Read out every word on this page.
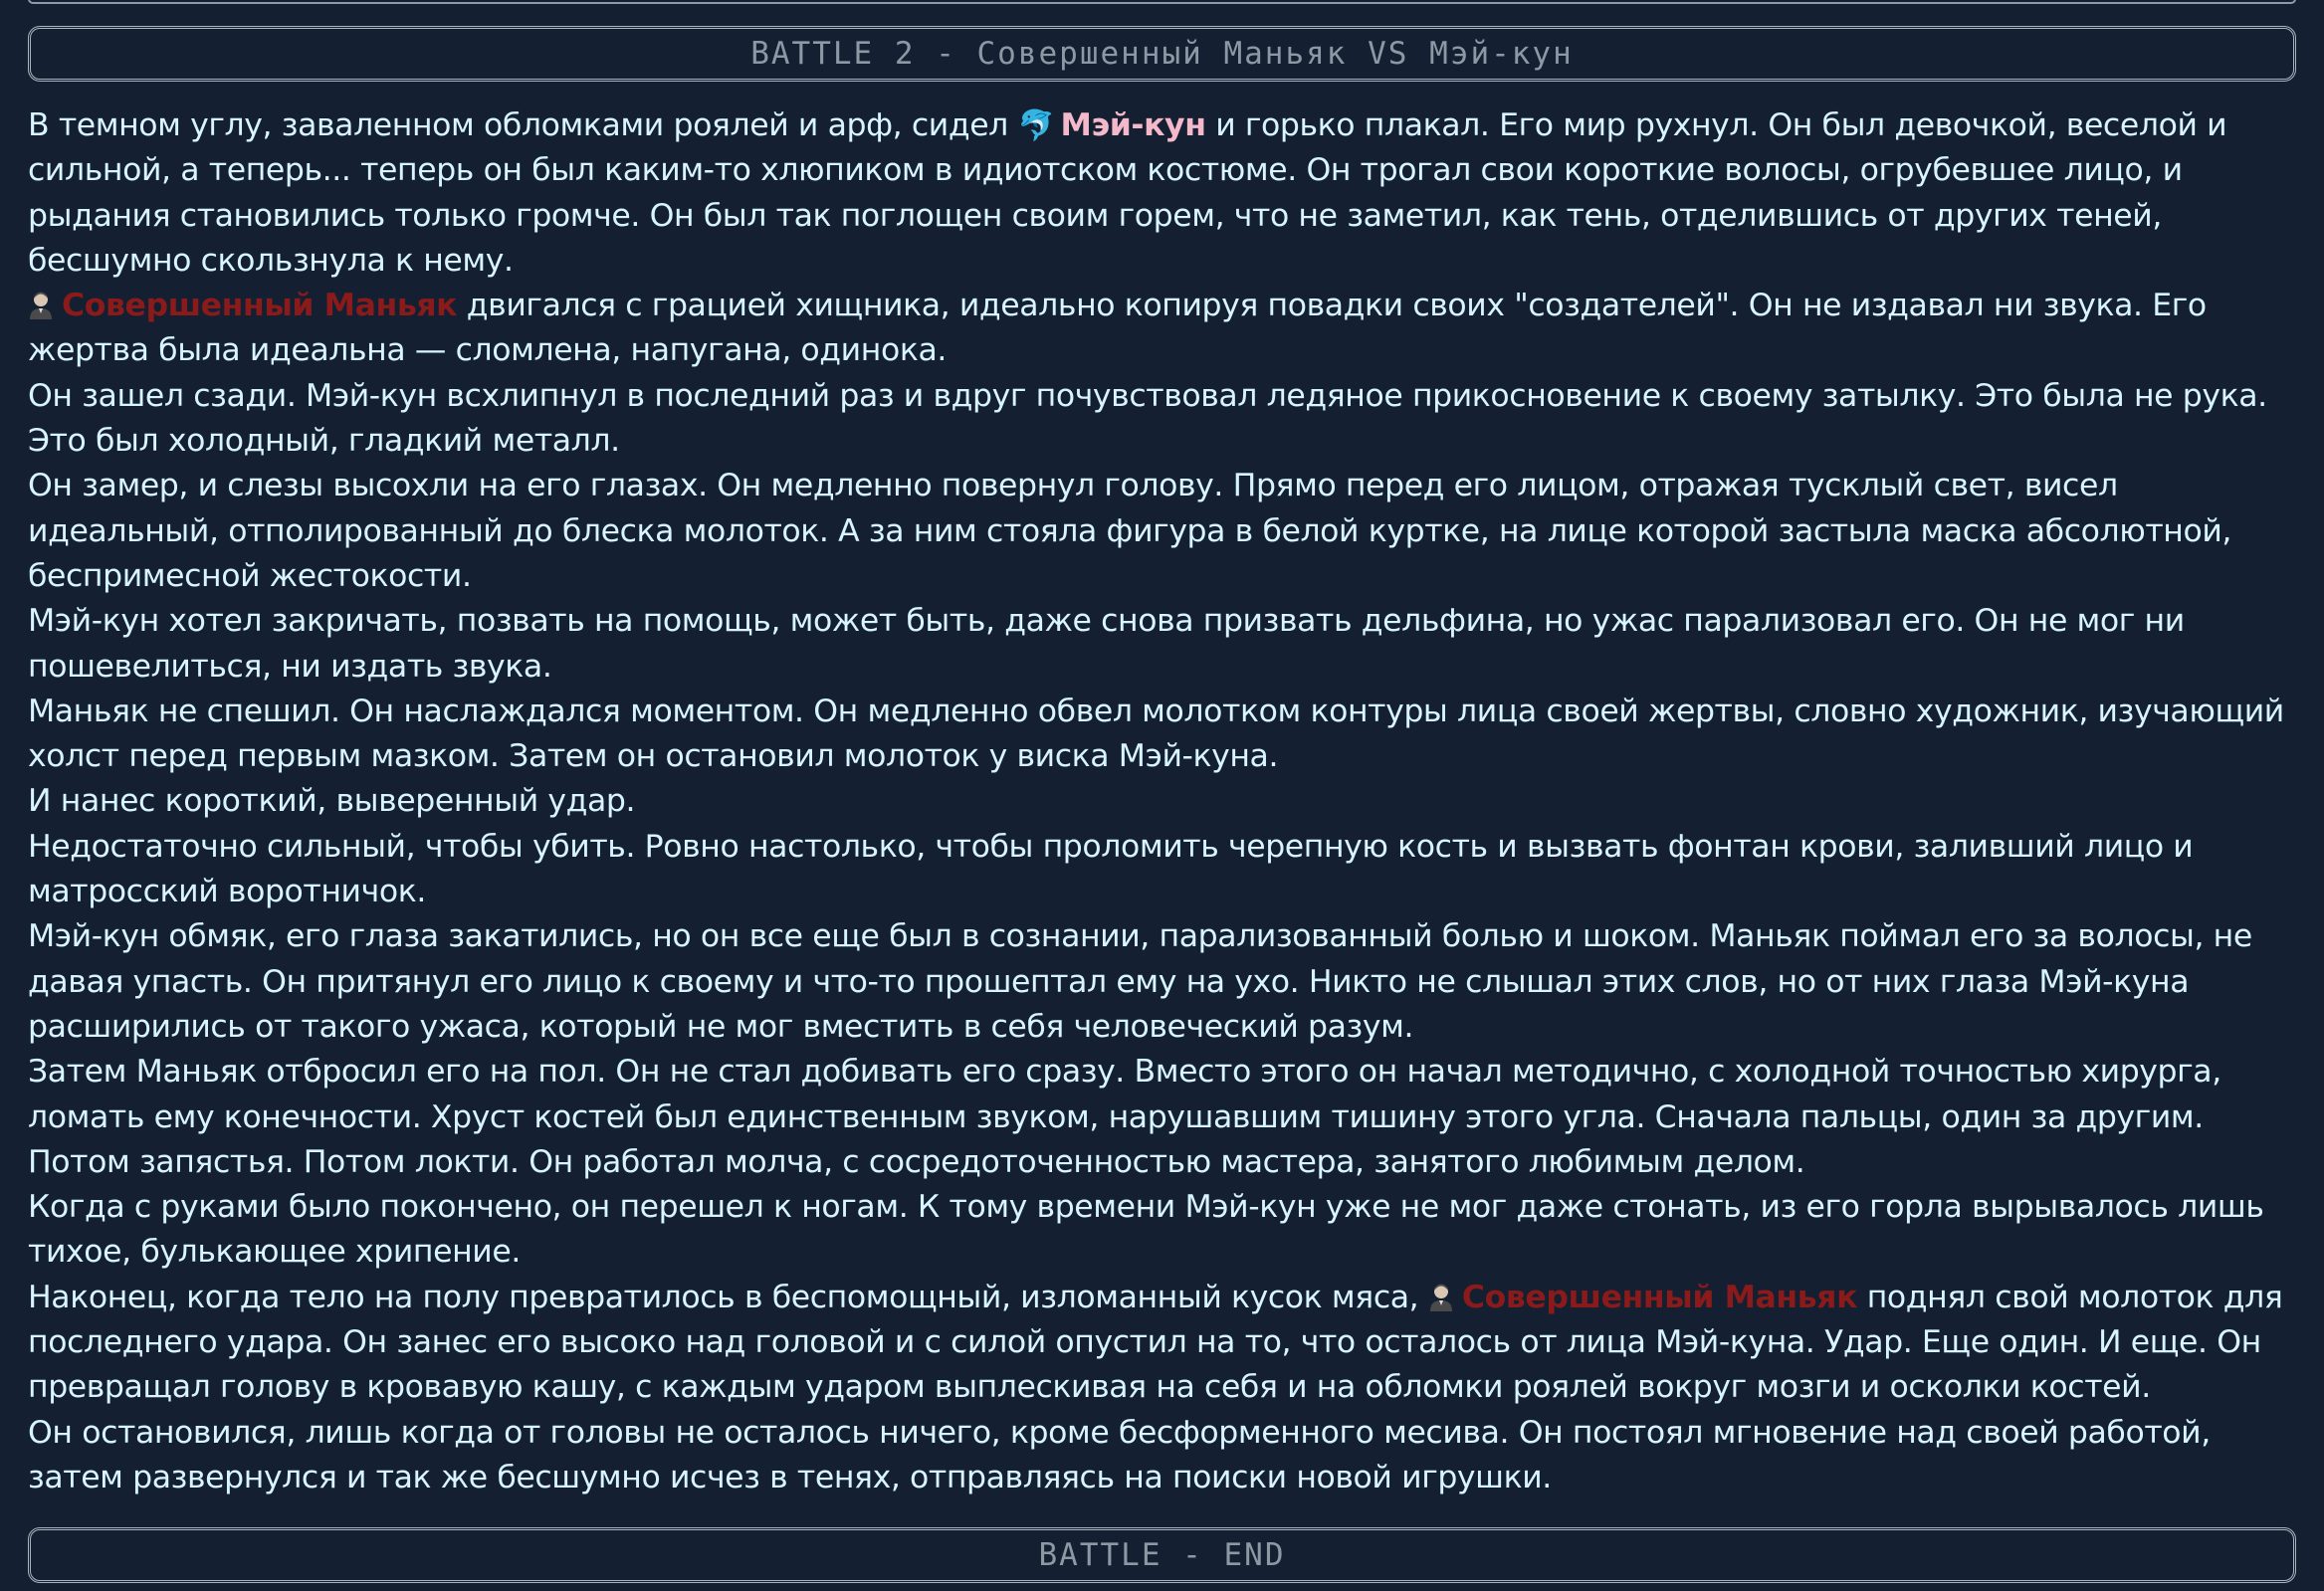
BATTLE 2 - Совершенный Маньяк VS Мэй-кун

В темном углу, заваленном обломками роялей и арф, сидел 🐬 Мэй-кун и горько плакал. Его мир рухнул. Он был девочкой, веселой и сильной, а теперь... теперь он был каким-то хлюпиком в идиотском костюме. Он трогал свои короткие волосы, огрубевшее лицо, и рыдания становились только громче. Он был так поглощен своим горем, что не заметил, как тень, отделившись от других теней, бесшумно скользнула к нему.

Совершенный Маньяк двигался с грацией хищника, идеально копируя повадки своих "создателей". Он не издавал ни звука. Его жертва была идеальна — сломлена, напугана, одинока.

Он зашел сзади. Мэй-кун всхлипнул в последний раз и вдруг почувствовал ледяное прикосновение к своему затылку. Это была не рука. Это был холодный, гладкий металл.

Он замер, и слезы высохли на его глазах. Он медленно повернул голову. Прямо перед его лицом, отражая тусклый свет, висел идеальный, отполированный до блеска молоток. А за ним стояла фигура в белой куртке, на лице которой застыла маска абсолютной, беспримесной жестокости.

Мэй-кун хотел закричать, позвать на помощь, может быть, даже снова призвать дельфина, но ужас парализовал его. Он не мог ни пошевелиться, ни издать звука.

Маньяк не спешил. Он наслаждался моментом. Он медленно обвел молотком контуры лица своей жертвы, словно художник, изучающий холст перед первым мазком. Затем он остановил молоток у виска Мэй-куна.

И нанес короткий, выверенный удар.

Недостаточно сильный, чтобы убить. Ровно настолько, чтобы проломить черепную кость и вызвать фонтан крови, заливший лицо и матросский воротничок.

Мэй-кун обмяк, его глаза закатились, но он все еще был в сознании, парализованный болью и шоком. Маньяк поймал его за волосы, не давая упасть. Он притянул его лицо к своему и что-то прошептал ему на ухо. Никто не слышал этих слов, но от них глаза Мэй-куна расширились от такого ужаса, который не мог вместить в себя человеческий разум.

Затем Маньяк отбросил его на пол. Он не стал добивать его сразу. Вместо этого он начал методично, с холодной точностью хирурга, ломать ему конечности. Хруст костей был единственным звуком, нарушавшим тишину этого угла. Сначала пальцы, один за другим. Потом запястья. Потом локти. Он работал молча, с сосредоточенностью мастера, занятого любимым делом.

Когда с руками было покончено, он перешел к ногам. К тому времени Мэй-кун уже не мог даже стонать, из его горла вырывалось лишь тихое, булькающее хрипение.

Наконец, когда тело на полу превратилось в беспомощный, изломанный кусок мяса, Совершенный Маньяк поднял свой молоток для последнего удара. Он занес его высоко над головой и с силой опустил на то, что осталось от лица Мэй-куна. Удар. Еще один. И еще. Он превращал голову в кровавую кашу, с каждым ударом выплескивая на себя и на обломки роялей вокруг мозги и осколки костей.

Он остановился, лишь когда от головы не осталось ничего, кроме бесформенного месива. Он постоял мгновение над своей работой, затем развернулся и так же бесшумно исчез в тенях, отправляясь на поиски новой игрушки.

BATTLE - END
